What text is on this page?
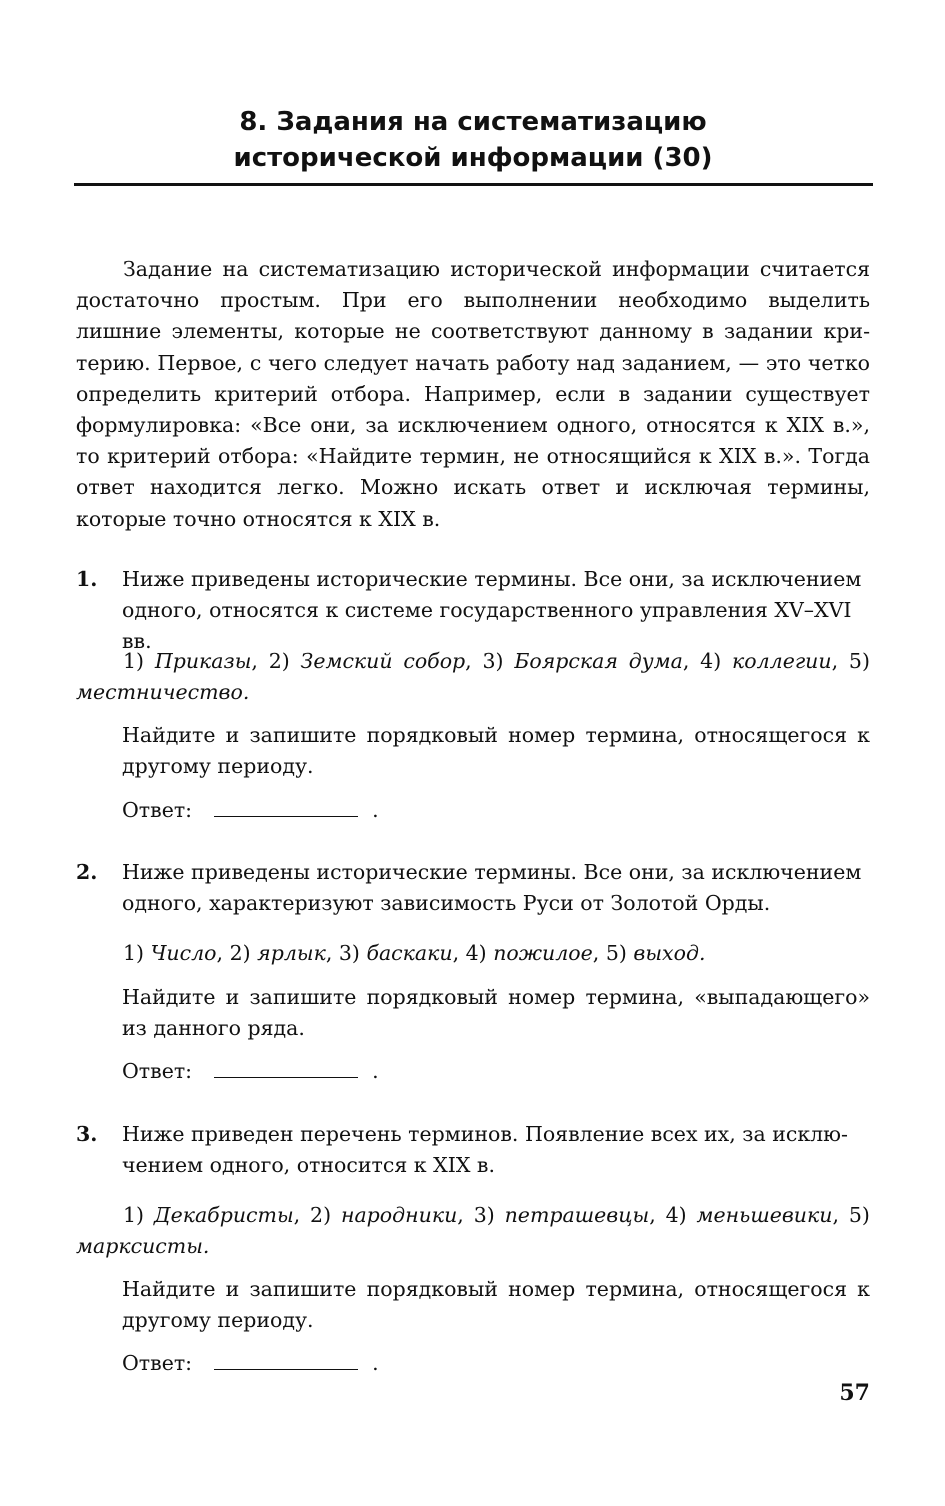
8. Задания на систематизацию
исторической информации (30)

Задание на систематизацию исторической информации считается достаточно простым. При его выполнении необходимо выделить лишние элементы, которые не соответствуют данному в задании критерию. Первое, с чего следует начать работу над заданием, — это четко определить критерий отбора. Например, если в задании существует формулировка: «Все они, за исключением одного, относятся к XIX в.», то критерий отбора: «Найдите термин, не относящийся к XIX в.». Тогда ответ находится легко. Можно искать ответ и исключая термины, которые точно относятся к XIX в.

1. Ниже приведены исторические термины. Все они, за исключением одного, относятся к системе государственного управления XV–XVI вв.

1) Приказы, 2) Земский собор, 3) Боярская дума, 4) коллегии, 5) местничество.

Найдите и запишите порядковый номер термина, относящегося к другому периоду.

Ответ:	.
2. Ниже приведены исторические термины. Все они, за исключением одного, характеризуют зависимость Руси от Золотой Орды.

1) Число, 2) ярлык, 3) баскаки, 4) пожилое, 5) выход.

Найдите и запишите порядковый номер термина, «выпадающего» из данного ряда.

Ответ:	.
3. Ниже приведен перечень терминов. Появление всех их, за исключением одного, относится к XIX в.

1) Декабристы, 2) народники, 3) петрашевцы, 4) меньшевики, 5) марксисты.

Найдите и запишите порядковый номер термина, относящегося к другому периоду.

Ответ:	.
57
